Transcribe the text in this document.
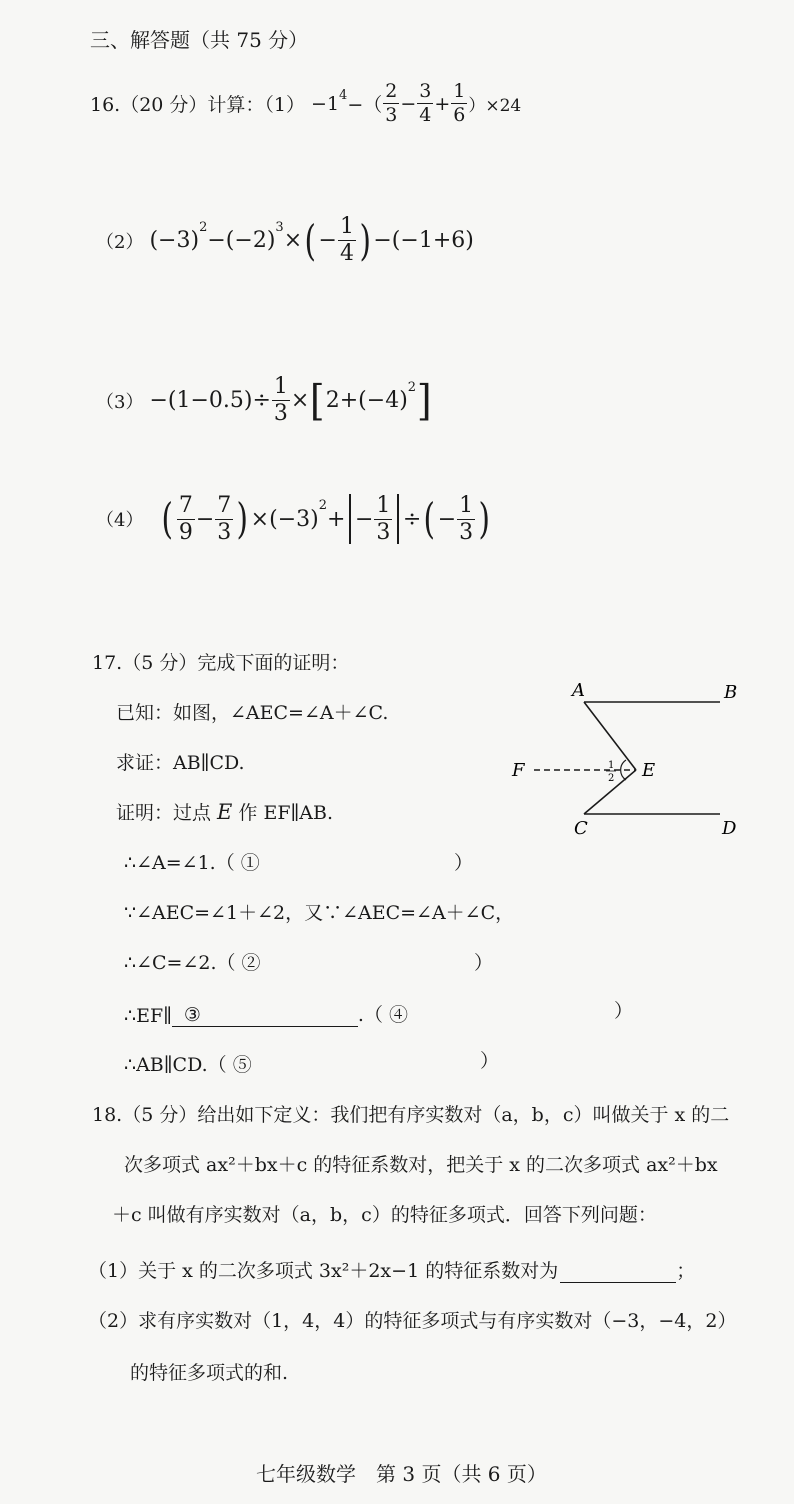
三、解答题（共 75 分）
16.（20 分）计算：$(1) -1^4$ −（ $\frac{2}{3} - \frac{3}{4} + \frac{1}{6} )\times 24$
（2） ( −3 )
$^2$
− ( −2 )
$^3$
× ( − $\frac{1}{4}$ ) − ( −1+6 )
$(3) -(1-0.5)\div \frac{1}{3}$ × [ 2+ ( −4 )
$^2$ ]
（4） ( $\frac{7}{9} - \frac{7}{3}$ ) × ( −3 )
$^2$
+ − $\frac{1}{3}$ ÷ ( − $\frac{1}{3}$ )
17.（5 分）完成下面的证明：
已知：如图，∠AEC=∠A＋∠C.
求证：AB∥CD.
证明：过点 E 作 EF∥AB.
∴∠A=∠1.（ ①	）
∵∠AEC=∠1＋∠2，又∵∠AEC=∠A＋∠C，
∴∠C=∠2.（ ②	）
∴EF∥ ③	.（ ④	）
∴AB∥CD.（ ⑤	）
A	B
F	E
C	D
1
2
18.（5 分）给出如下定义：我们把有序实数对（a，b，c）叫做关于 x 的二
次多项式 ax²＋bx＋c 的特征系数对，把关于 x 的二次多项式 ax²＋bx
＋c 叫做有序实数对（a，b，c）的特征多项式．回答下列问题：
（1）关于 x 的二次多项式 3x²＋2x−1 的特征系数对为	；
（2）求有序实数对（1，4，4）的特征多项式与有序实数对（−3，−4，2）
的特征多项式的和.
七年级数学　第 3 页（共 6 页）
